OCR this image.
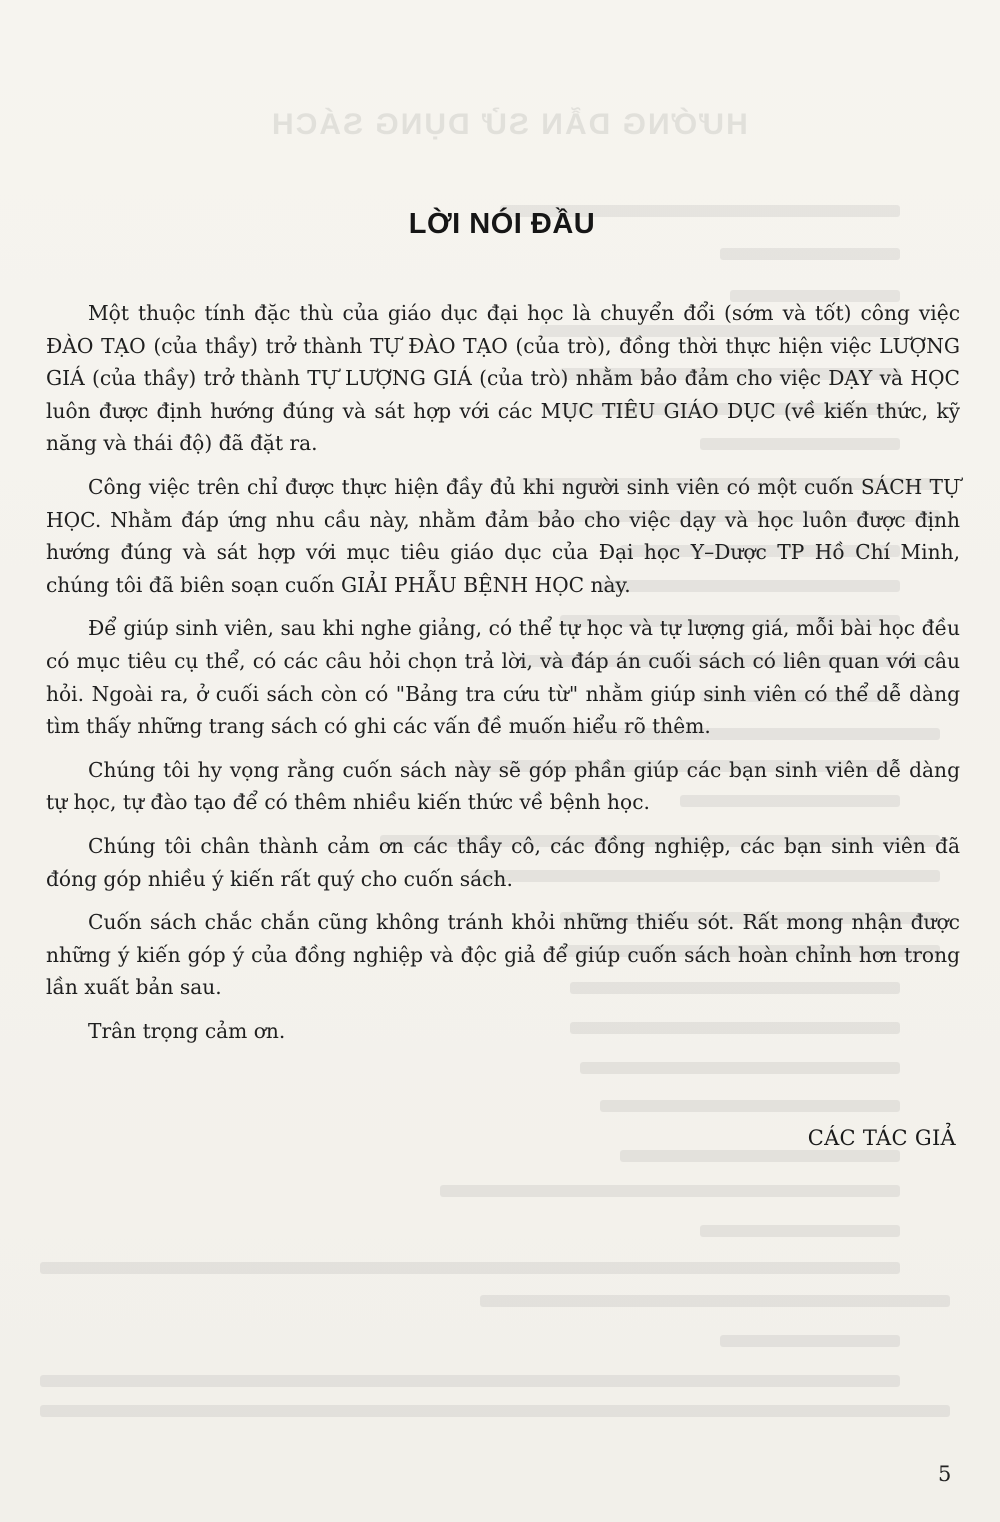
HƯỚNG DẪN SỬ DỤNG SÁCH
LỜI NÓI ĐẦU

Một thuộc tính đặc thù của giáo dục đại học là chuyển đổi (sớm và tốt) công việc ĐÀO TẠO (của thầy) trở thành TỰ ĐÀO TẠO (của trò), đồng thời thực hiện việc LƯỢNG GIÁ (của thầy) trở thành TỰ LƯỢNG GIÁ (của trò) nhằm bảo đảm cho việc DẠY và HỌC luôn được định hướng đúng và sát hợp với các MỤC TIÊU GIÁO DỤC (về kiến thức, kỹ năng và thái độ) đã đặt ra.

Công việc trên chỉ được thực hiện đầy đủ khi người sinh viên có một cuốn SÁCH TỰ HỌC. Nhằm đáp ứng nhu cầu này, nhằm đảm bảo cho việc dạy và học luôn được định hướng đúng và sát hợp với mục tiêu giáo dục của Đại học Y–Dược TP Hồ Chí Minh, chúng tôi đã biên soạn cuốn GIẢI PHẪU BỆNH HỌC này.

Để giúp sinh viên, sau khi nghe giảng, có thể tự học và tự lượng giá, mỗi bài học đều có mục tiêu cụ thể, có các câu hỏi chọn trả lời, và đáp án cuối sách có liên quan với câu hỏi. Ngoài ra, ở cuối sách còn có "Bảng tra cứu từ" nhằm giúp sinh viên có thể dễ dàng tìm thấy những trang sách có ghi các vấn đề muốn hiểu rõ thêm.

Chúng tôi hy vọng rằng cuốn sách này sẽ góp phần giúp các bạn sinh viên dễ dàng tự học, tự đào tạo để có thêm nhiều kiến thức về bệnh học.

Chúng tôi chân thành cảm ơn các thầy cô, các đồng nghiệp, các bạn sinh viên đã đóng góp nhiều ý kiến rất quý cho cuốn sách.

Cuốn sách chắc chắn cũng không tránh khỏi những thiếu sót. Rất mong nhận được những ý kiến góp ý của đồng nghiệp và độc giả để giúp cuốn sách hoàn chỉnh hơn trong lần xuất bản sau.

Trân trọng cảm ơn.

CÁC TÁC GIẢ
5
